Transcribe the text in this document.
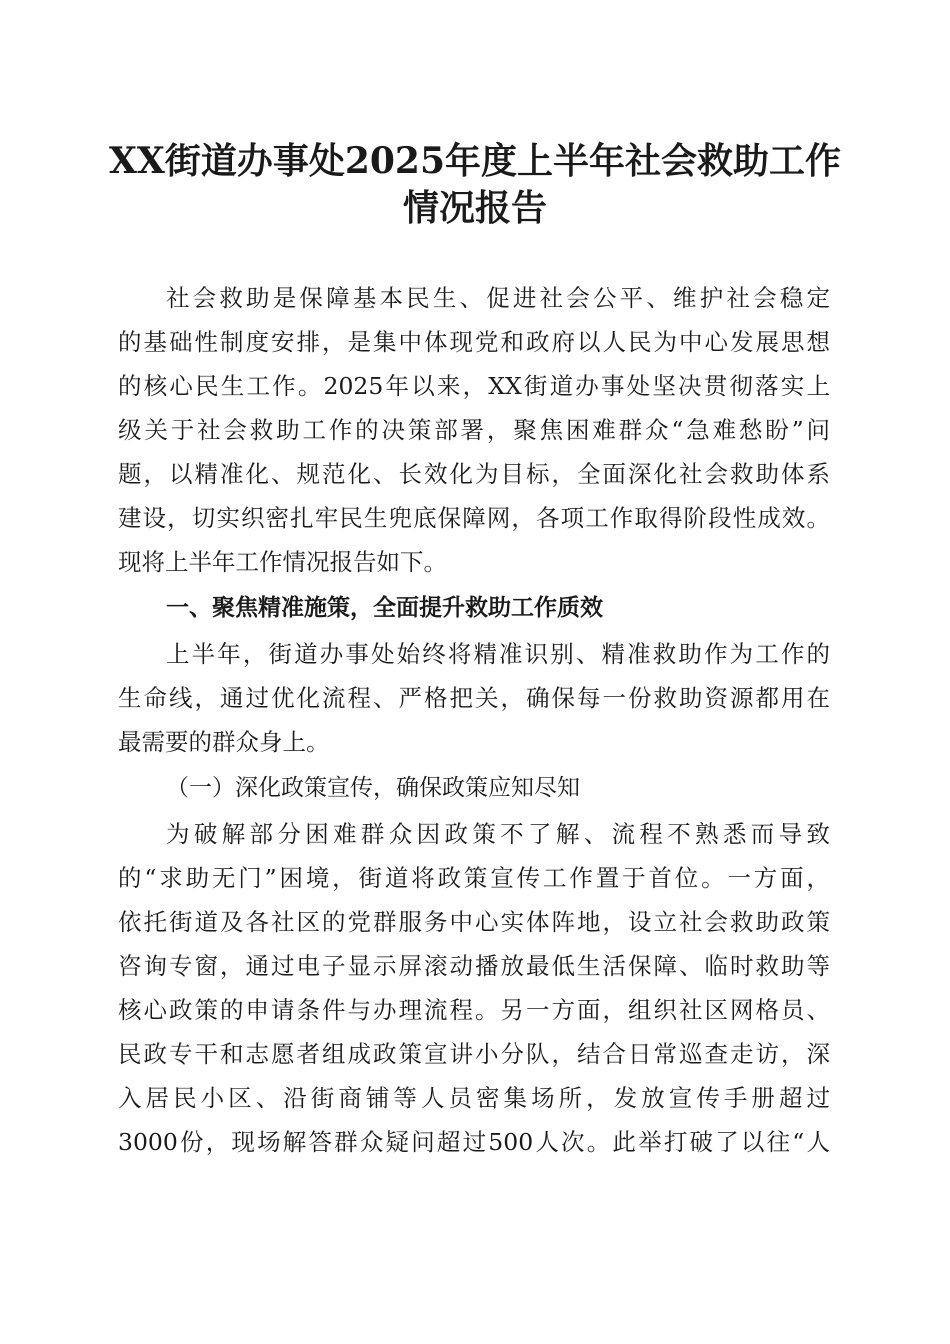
XX街道办事处2025年度上半年社会救助工作
情况报告
社会救助是保障基本民生、促进社会公平、维护社会稳定
的基础性制度安排，是集中体现党和政府以人民为中心发展思想
的核心民生工作。2025年以来，XX街道办事处坚决贯彻落实上
级关于社会救助工作的决策部署，聚焦困难群众“急难愁盼”问
题，以精准化、规范化、长效化为目标，全面深化社会救助体系
建设，切实织密扎牢民生兜底保障网，各项工作取得阶段性成效。
现将上半年工作情况报告如下。
一、聚焦精准施策，全面提升救助工作质效
上半年，街道办事处始终将精准识别、精准救助作为工作的
生命线，通过优化流程、严格把关，确保每一份救助资源都用在
最需要的群众身上。
（一）深化政策宣传，确保政策应知尽知
为破解部分困难群众因政策不了解、流程不熟悉而导致
的“求助无门”困境，街道将政策宣传工作置于首位。一方面，
依托街道及各社区的党群服务中心实体阵地，设立社会救助政策
咨询专窗，通过电子显示屏滚动播放最低生活保障、临时救助等
核心政策的申请条件与办理流程。另一方面，组织社区网格员、
民政专干和志愿者组成政策宣讲小分队，结合日常巡查走访，深
入居民小区、沿街商铺等人员密集场所，发放宣传手册超过
3000份，现场解答群众疑问超过500人次。此举打破了以往“人
